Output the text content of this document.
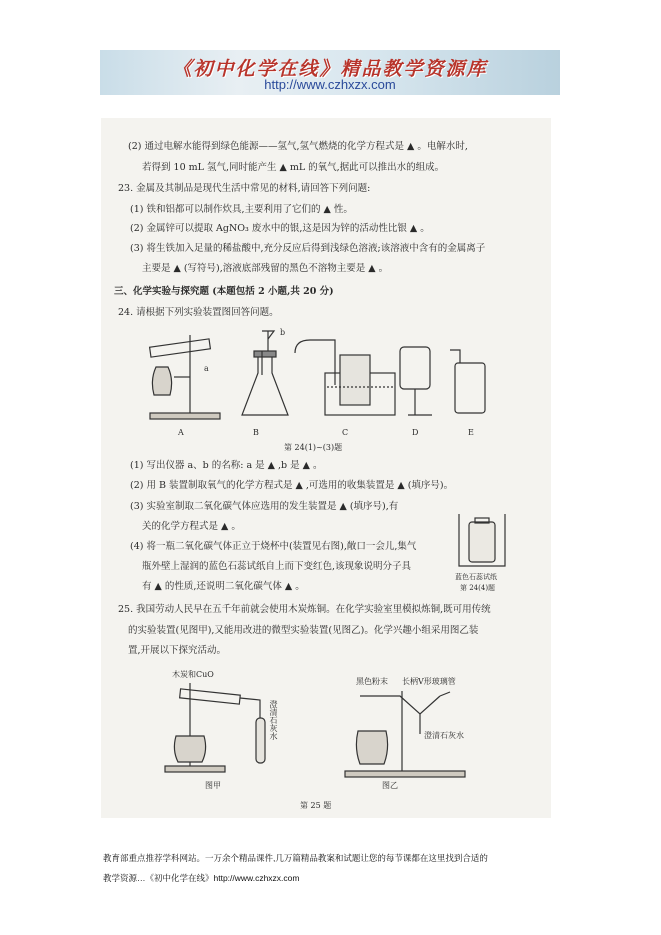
《初中化学在线》精品教学资源库
http://www.czhxzx.com
(2) 通过电解水能得到绿色能源——氢气,氢气燃烧的化学方程式是 ▲ 。电解水时,
若得到 10 mL 氢气,同时能产生 ▲ mL 的氧气,据此可以推出水的组成。
23. 金属及其制品是现代生活中常见的材料,请回答下列问题:
(1) 铁和铝都可以制作炊具,主要利用了它们的 ▲ 性。
(2) 金属锌可以提取 AgNO₃ 废水中的银,这是因为锌的活动性比银 ▲ 。
(3) 将生铁加入足量的稀盐酸中,充分反应后得到浅绿色溶液;该溶液中含有的金属离子
主要是 ▲ (写符号),溶液底部残留的黑色不溶物主要是 ▲ 。
三、化学实验与探究题 (本题包括 2 小题,共 20 分)
24. 请根据下列实验装置图回答问题。
a
b
A	B	C	D	E
第 24(1)~(3)题
(1) 写出仪器 a、b 的名称: a 是 ▲ ,b 是 ▲ 。
(2) 用 B 装置制取氧气的化学方程式是 ▲ ,可选用的收集装置是 ▲ (填序号)。
(3) 实验室制取二氧化碳气体应选用的发生装置是 ▲ (填序号),有
关的化学方程式是 ▲ 。
(4) 将一瓶二氧化碳气体正立于烧杯中(装置见右图),敞口一会儿,集气
瓶外壁上湿润的蓝色石蕊试纸自上而下变红色,该现象说明分子具
有 ▲ 的性质,还说明二氧化碳气体 ▲ 。
蓝色石蕊试纸
第 24(4)题
25. 我国劳动人民早在五千年前就会使用木炭炼铜。在化学实验室里模拟炼铜,既可用传统
的实验装置(见图甲),又能用改进的微型实验装置(见图乙)。化学兴趣小组采用图乙装
置,开展以下探究活动。
木炭和CuO
澄清石灰水
图甲
黑色粉末 长柄V形玻璃管
澄清石灰水
图乙
第 25 题
教育部重点推荐学科网站。一万余个精品课件,几万篇精品教案和试题让您的每节课都在这里找到合适的
教学资源…《初中化学在线》http://www.czhxzx.com
